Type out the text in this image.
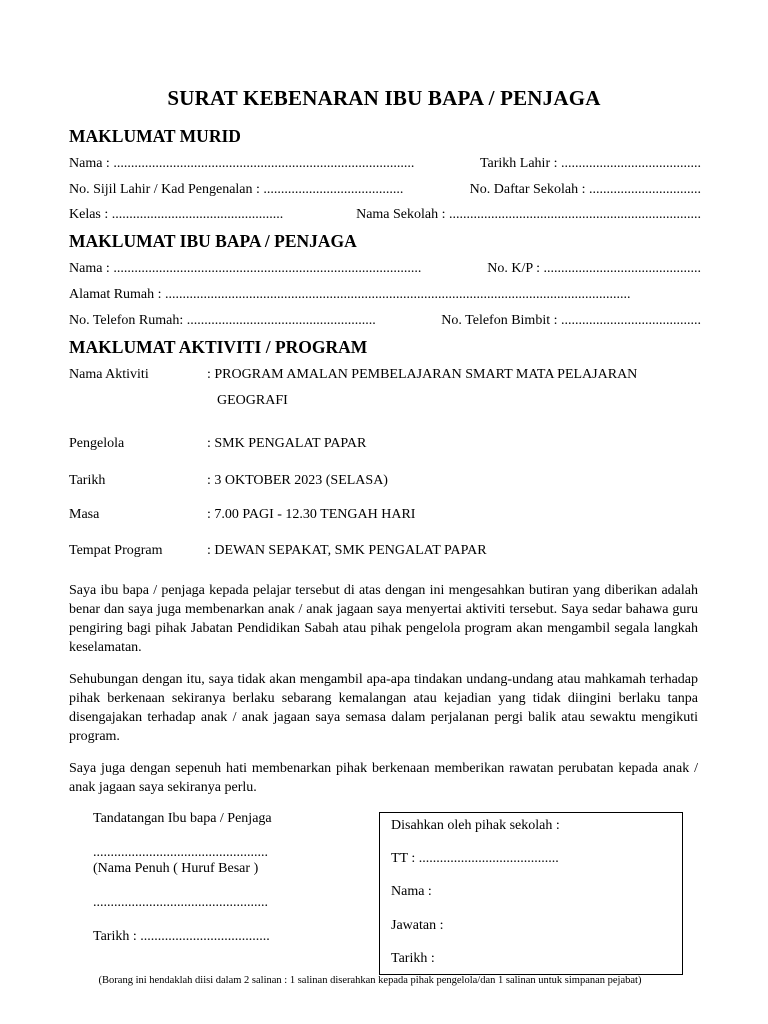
SURAT KEBENARAN IBU BAPA / PENJAGA
MAKLUMAT MURID
Nama : ......................................................................................	Tarikh Lahir : ........................................
No. Sijil Lahir / Kad Pengenalan : ........................................	No. Daftar Sekolah : ................................
Kelas : .................................................	Nama Sekolah : ........................................................................
MAKLUMAT IBU BAPA / PENJAGA
Nama : ........................................................................................	No. K/P : .............................................
Alamat Rumah : .....................................................................................................................................
No. Telefon Rumah: ......................................................	No. Telefon Bimbit : ........................................
MAKLUMAT AKTIVITI / PROGRAM
Nama Aktiviti	: PROGRAM AMALAN PEMBELAJARAN SMART MATA PELAJARAN
GEOGRAFI
Pengelola	: SMK PENGALAT PAPAR
Tarikh	: 3 OKTOBER 2023 (SELASA)
Masa	: 7.00 PAGI - 12.30 TENGAH HARI
Tempat Program	: DEWAN SEPAKAT, SMK PENGALAT PAPAR
Saya ibu bapa / penjaga kepada pelajar tersebut di atas dengan ini mengesahkan butiran yang diberikan adalah benar dan saya juga membenarkan anak / anak jagaan saya menyertai aktiviti tersebut. Saya sedar bahawa guru pengiring bagi pihak Jabatan Pendidikan Sabah atau pihak pengelola program akan mengambil segala langkah keselamatan.
Sehubungan dengan itu, saya tidak akan mengambil apa-apa tindakan undang-undang atau mahkamah terhadap pihak berkenaan sekiranya berlaku sebarang kemalangan atau kejadian yang tidak diingini berlaku tanpa disengajakan terhadap anak / anak jagaan saya semasa dalam perjalanan pergi balik atau sewaktu mengikuti program.
Saya juga dengan sepenuh hati membenarkan pihak berkenaan memberikan rawatan perubatan kepada anak / anak jagaan saya sekiranya perlu.
Tandatangan Ibu bapa / Penjaga
..................................................
(Nama Penuh ( Huruf Besar )
..................................................
Tarikh : .....................................
Disahkan oleh pihak sekolah :
TT : ........................................
Nama :
Jawatan :
Tarikh :
(Borang ini hendaklah diisi dalam 2 salinan : 1 salinan diserahkan kepada pihak pengelola/dan 1 salinan untuk simpanan pejabat)
